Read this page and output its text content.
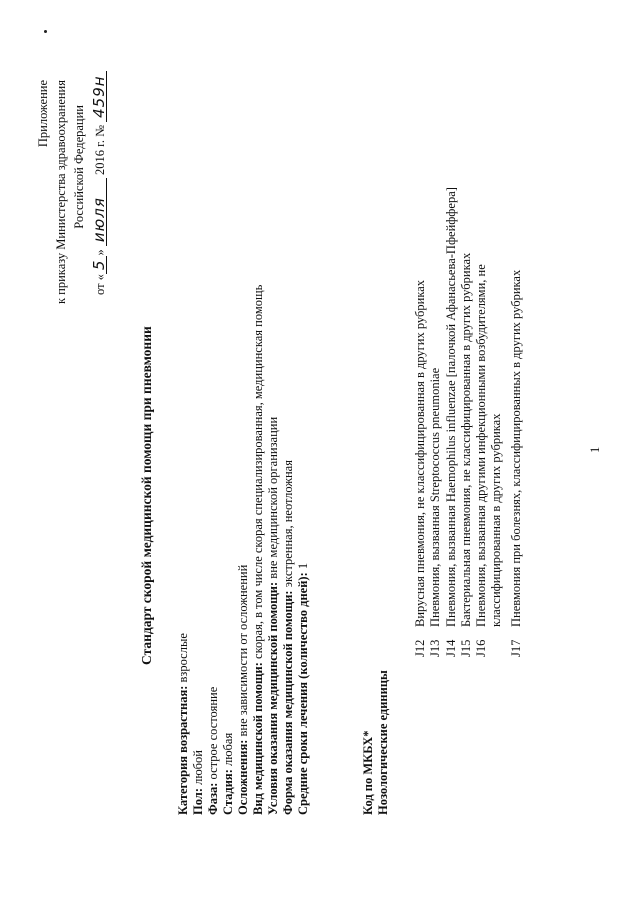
Приложение к приказу Министерства здравоохранения Российской Федерации
от «5» июля 2016 г. № 459н
Стандарт скорой медицинской помощи при пневмонии
Категория возрастная: взрослые
Пол: любой
Фаза: острое состояние
Стадия: любая Осложнения: вне зависимости от осложнений Вид медицинской помощи: скорая, в том числе скорая специализированная, медицинская помощь
Условия оказания медицинской помощи: вне медицинской организации
Форма оказания медицинской помощи: экстренная, неотложная
Средние сроки лечения (количество дней): 1
Код по МКБХ* Нозологические единицы
J12Вирусная пневмония, не классифицированная в других рубриках
J13Пневмония, вызванная Streptococcus pneumoniae
J14Пневмония, вызванная Haemophilus influenzae [палочкой Афанасьева-Пфейффера]
J15Бактериальная пневмония, не классифицированная в других рубриках
J16Пневмония, вызванная другими инфекционными возбудителями, не классифицированная в других рубриках
J17Пневмония при болезнях, классифицированных в других рубриках	1
